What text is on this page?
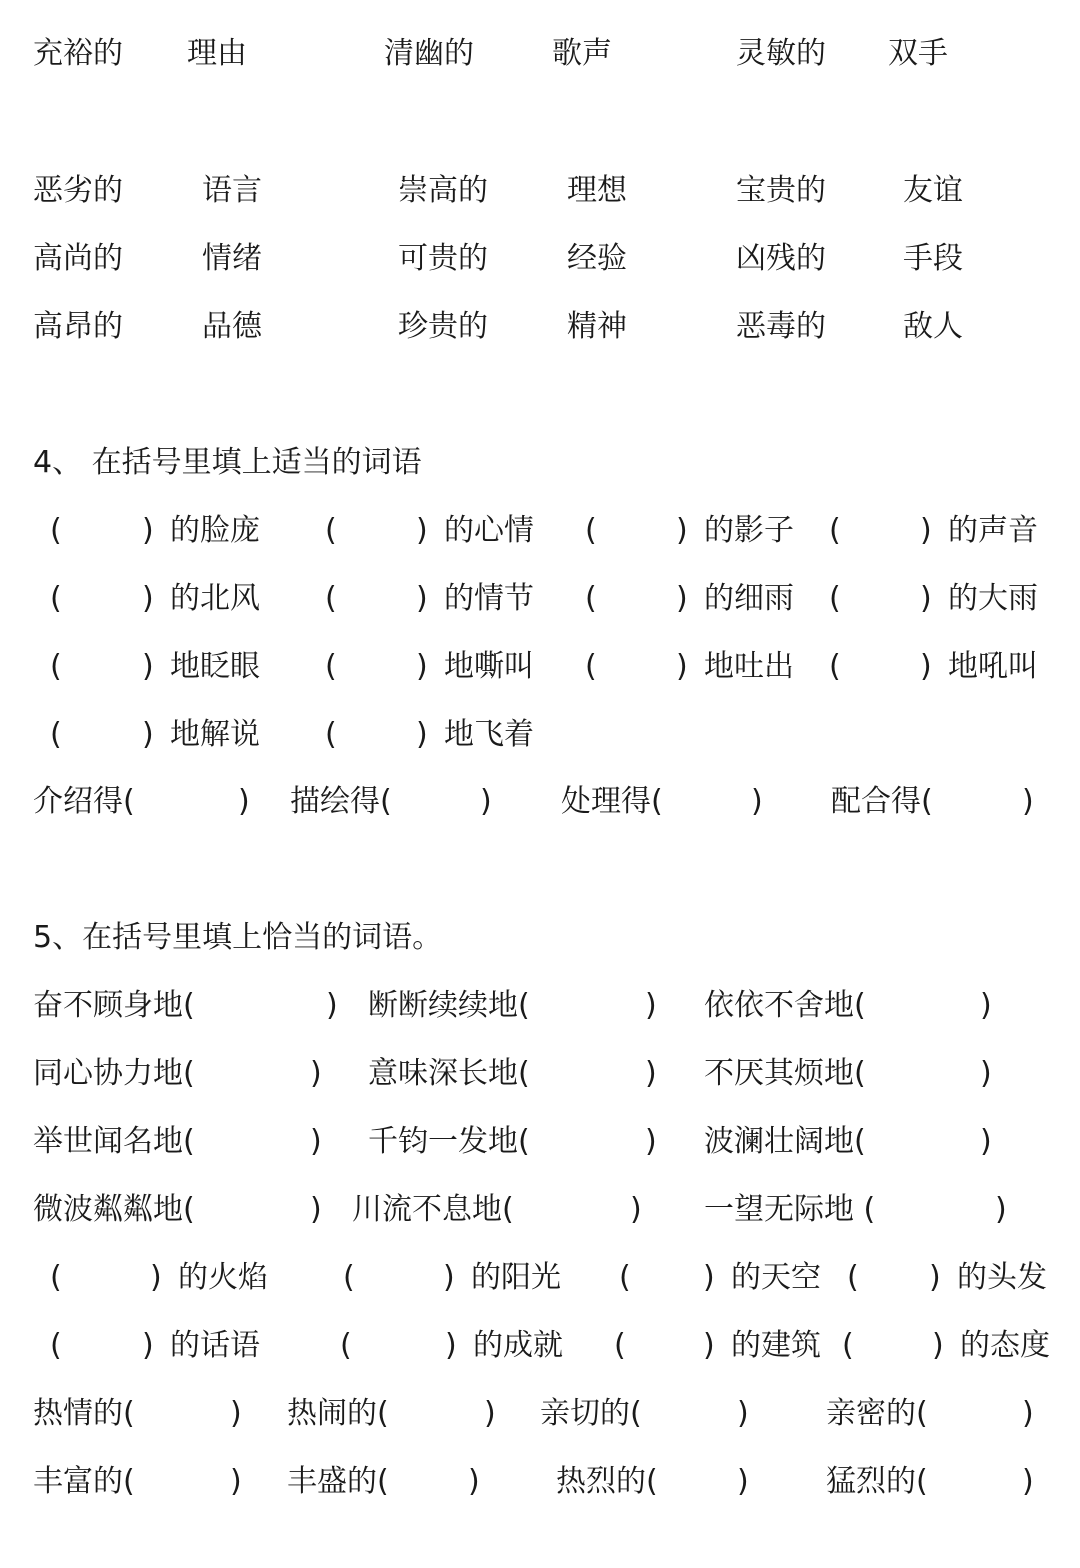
充裕的 理由	清幽的	歌声	灵敏的 双手
恶劣的	语言	崇高的	理想	宝贵的	友谊
高尚的	情绪	可贵的	经验	凶残的	手段
高昂的	品德	珍贵的	精神	恶毒的	敌人
4、 在括号里填上适当的词语
(	) 的脸庞 (	) 的心情 (	) 的影子 (	) 的声音
(	) 的北风 (	) 的情节 (	) 的细雨 (	) 的大雨
(	) 地眨眼 (	) 地嘶叫 (	) 地吐出 (	) 地吼叫
(	) 地解说 (	) 地飞着
介绍得(	) 描绘得(	) 处理得(	) 配合得(	)
5、在括号里填上恰当的词语。
奋不顾身地(	) 断断续续地(	) 依依不舍地(	)
同心协力地(	) 意味深长地(	) 不厌其烦地(	)
举世闻名地(	) 千钧一发地(	) 波澜壮阔地(	)
微波粼粼地(	) 川流不息地(	) 一望无际地 (	)
(	) 的火焰	(	) 的阳光 ( ) 的天空 ( ) 的头发
(	) 的话语	(	) 的成就 (	) 的建筑 (	) 的态度
热情的(	) 热闹的(	) 亲切的(	)	亲密的(	)
丰富的(	) 丰盛的(	)	热烈的(	)	猛烈的(	)
